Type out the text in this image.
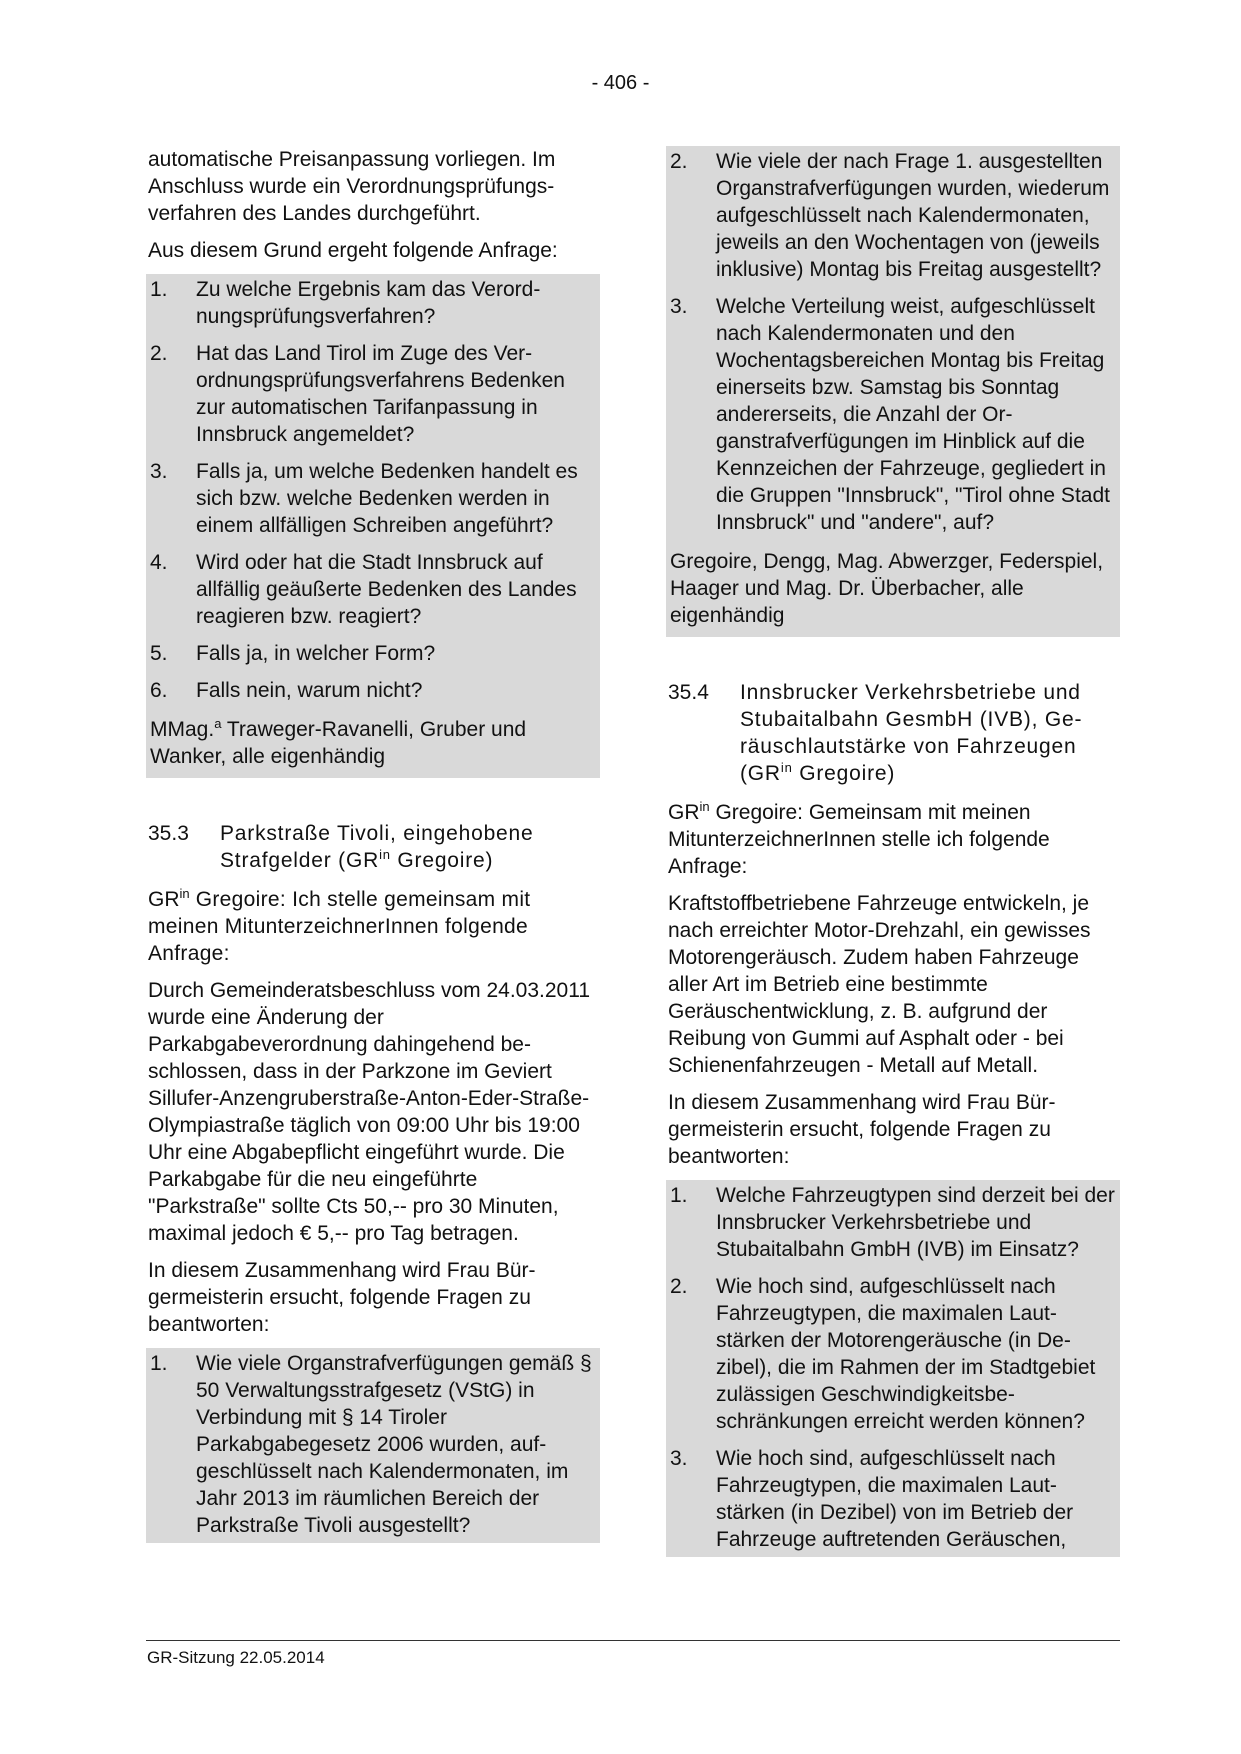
- 406 -

automatische Preisanpassung vorliegen. Im Anschluss wurde ein Verordnungsprüfungsverfahren des Landes durchgeführt.

Aus diesem Grund ergeht folgende Anfrage:

1.	Zu welche Ergebnis kam das Verordnungsprüfungsverfahren?
2.	Hat das Land Tirol im Zuge des Verordnungsprüfungsverfahrens Bedenken zur automatischen Tarifanpassung in Innsbruck angemeldet?
3.	Falls ja, um welche Bedenken handelt es sich bzw. welche Bedenken werden in einem allfälligen Schreiben angeführt?
4.	Wird oder hat die Stadt Innsbruck auf allfällig geäußerte Bedenken des Landes reagieren bzw. reagiert?
5.	Falls ja, in welcher Form?
6.	Falls nein, warum nicht?

MMag.$^a$ Traweger-Ravanelli, Gruber und Wanker, alle eigenhändig

35.3	Parkstraße Tivoli, eingehobene Strafgelder ($GR^{in}$ Gregoire)

$GR^{in}$ Gregoire: Ich stelle gemeinsam mit meinen MitunterzeichnerInnen folgende Anfrage:

Durch Gemeinderatsbeschluss vom 24.03.2011 wurde eine Änderung der Parkabgabeverordnung dahingehend beschlossen, dass in der Parkzone im Geviert Sillufer-Anzengruberstraße-Anton-Eder-Straße-Olympiastraße täglich von 09:00 Uhr bis 19:00 Uhr eine Abgabepflicht eingeführt wurde. Die Parkabgabe für die neu eingeführte "Parkstraße" sollte Cts 50,-- pro 30 Minuten, maximal jedoch € 5,-- pro Tag betragen.

In diesem Zusammenhang wird Frau Bürgermeisterin ersucht, folgende Fragen zu beantworten:

1.	Wie viele Organstrafverfügungen gemäß § 50 Verwaltungsstrafgesetz (VStG) in Verbindung mit § 14 Tiroler Parkabgabegesetz 2006 wurden, aufgeschlüsselt nach Kalendermonaten, im Jahr 2013 im räumlichen Bereich der Parkstraße Tivoli ausgestellt?
2.	Wie viele der nach Frage 1. ausgestellten Organstrafverfügungen wurden, wiederum aufgeschlüsselt nach Kalendermonaten, jeweils an den Wochentagen von (jeweils inklusive) Montag bis Freitag ausgestellt?
3.	Welche Verteilung weist, aufgeschlüsselt nach Kalendermonaten und den Wochentagsbereichen Montag bis Freitag einerseits bzw. Samstag bis Sonntag andererseits, die Anzahl der Organstrafverfügungen im Hinblick auf die Kennzeichen der Fahrzeuge, gegliedert in die Gruppen "Innsbruck", "Tirol ohne Stadt Innsbruck" und "andere", auf?

Gregoire, Dengg, Mag. Abwerzger, Federspiel, Haager und Mag. Dr. Überbacher, alle eigenhändig

35.4	Innsbrucker Verkehrsbetriebe und Stubaitalbahn GesmbH (IVB), Geräuschlautstärke von Fahrzeugen ($GR^{in}$ Gregoire)

$GR^{in}$ Gregoire: Gemeinsam mit meinen MitunterzeichnerInnen stelle ich folgende Anfrage:

Kraftstoffbetriebene Fahrzeuge entwickeln, je nach erreichter Motor-Drehzahl, ein gewisses Motorengeräusch. Zudem haben Fahrzeuge aller Art im Betrieb eine bestimmte Geräuschentwicklung, z. B. aufgrund der Reibung von Gummi auf Asphalt oder - bei Schienenfahrzeugen - Metall auf Metall.

In diesem Zusammenhang wird Frau Bürgermeisterin ersucht, folgende Fragen zu beantworten:

1.	Welche Fahrzeugtypen sind derzeit bei der Innsbrucker Verkehrsbetriebe und Stubaitalbahn GmbH (IVB) im Einsatz?
2.	Wie hoch sind, aufgeschlüsselt nach Fahrzeugtypen, die maximalen Lautstärken der Motorengeräusche (in Dezibel), die im Rahmen der im Stadtgebiet zulässigen Geschwindigkeitsbeschränkungen erreicht werden können?
3.	Wie hoch sind, aufgeschlüsselt nach Fahrzeugtypen, die maximalen Lautstärken (in Dezibel) von im Betrieb der Fahrzeuge auftretenden Geräuschen,
GR-Sitzung 22.05.2014
